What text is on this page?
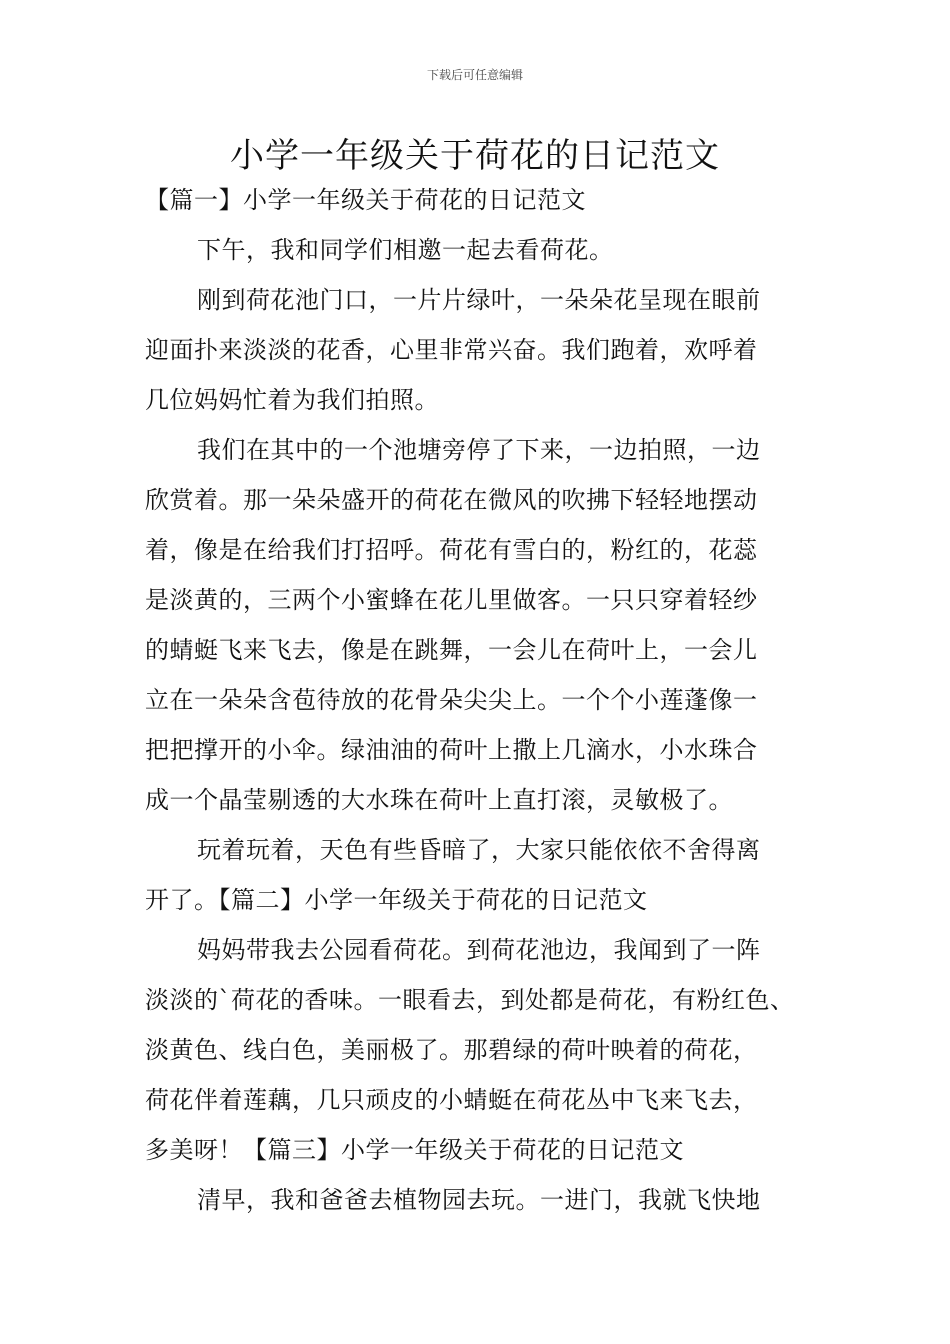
下载后可任意编辑
小学一年级关于荷花的日记范文
【篇一】小学一年级关于荷花的日记范文
下午，我和同学们相邀一起去看荷花。
刚到荷花池门口，一片片绿叶，一朵朵花呈现在眼前
迎面扑来淡淡的花香，心里非常兴奋。我们跑着，欢呼着
几位妈妈忙着为我们拍照。
我们在其中的一个池塘旁停了下来，一边拍照，一边
欣赏着。那一朵朵盛开的荷花在微风的吹拂下轻轻地摆动
着，像是在给我们打招呼。荷花有雪白的，粉红的，花蕊
是淡黄的，三两个小蜜蜂在花儿里做客。一只只穿着轻纱
的蜻蜓飞来飞去，像是在跳舞，一会儿在荷叶上，一会儿
立在一朵朵含苞待放的花骨朵尖尖上。一个个小莲蓬像一
把把撑开的小伞。绿油油的荷叶上撒上几滴水，小水珠合
成一个晶莹剔透的大水珠在荷叶上直打滚，灵敏极了。
玩着玩着，天色有些昏暗了，大家只能依依不舍得离
开了。【篇二】小学一年级关于荷花的日记范文
妈妈带我去公园看荷花。到荷花池边，我闻到了一阵
淡淡的`荷花的香味。一眼看去，到处都是荷花，有粉红色、
淡黄色、线白色，美丽极了。那碧绿的荷叶映着的荷花，
荷花伴着莲藕，几只顽皮的小蜻蜓在荷花丛中飞来飞去，
多美呀！【篇三】小学一年级关于荷花的日记范文
清早，我和爸爸去植物园去玩。一进门，我就飞快地
